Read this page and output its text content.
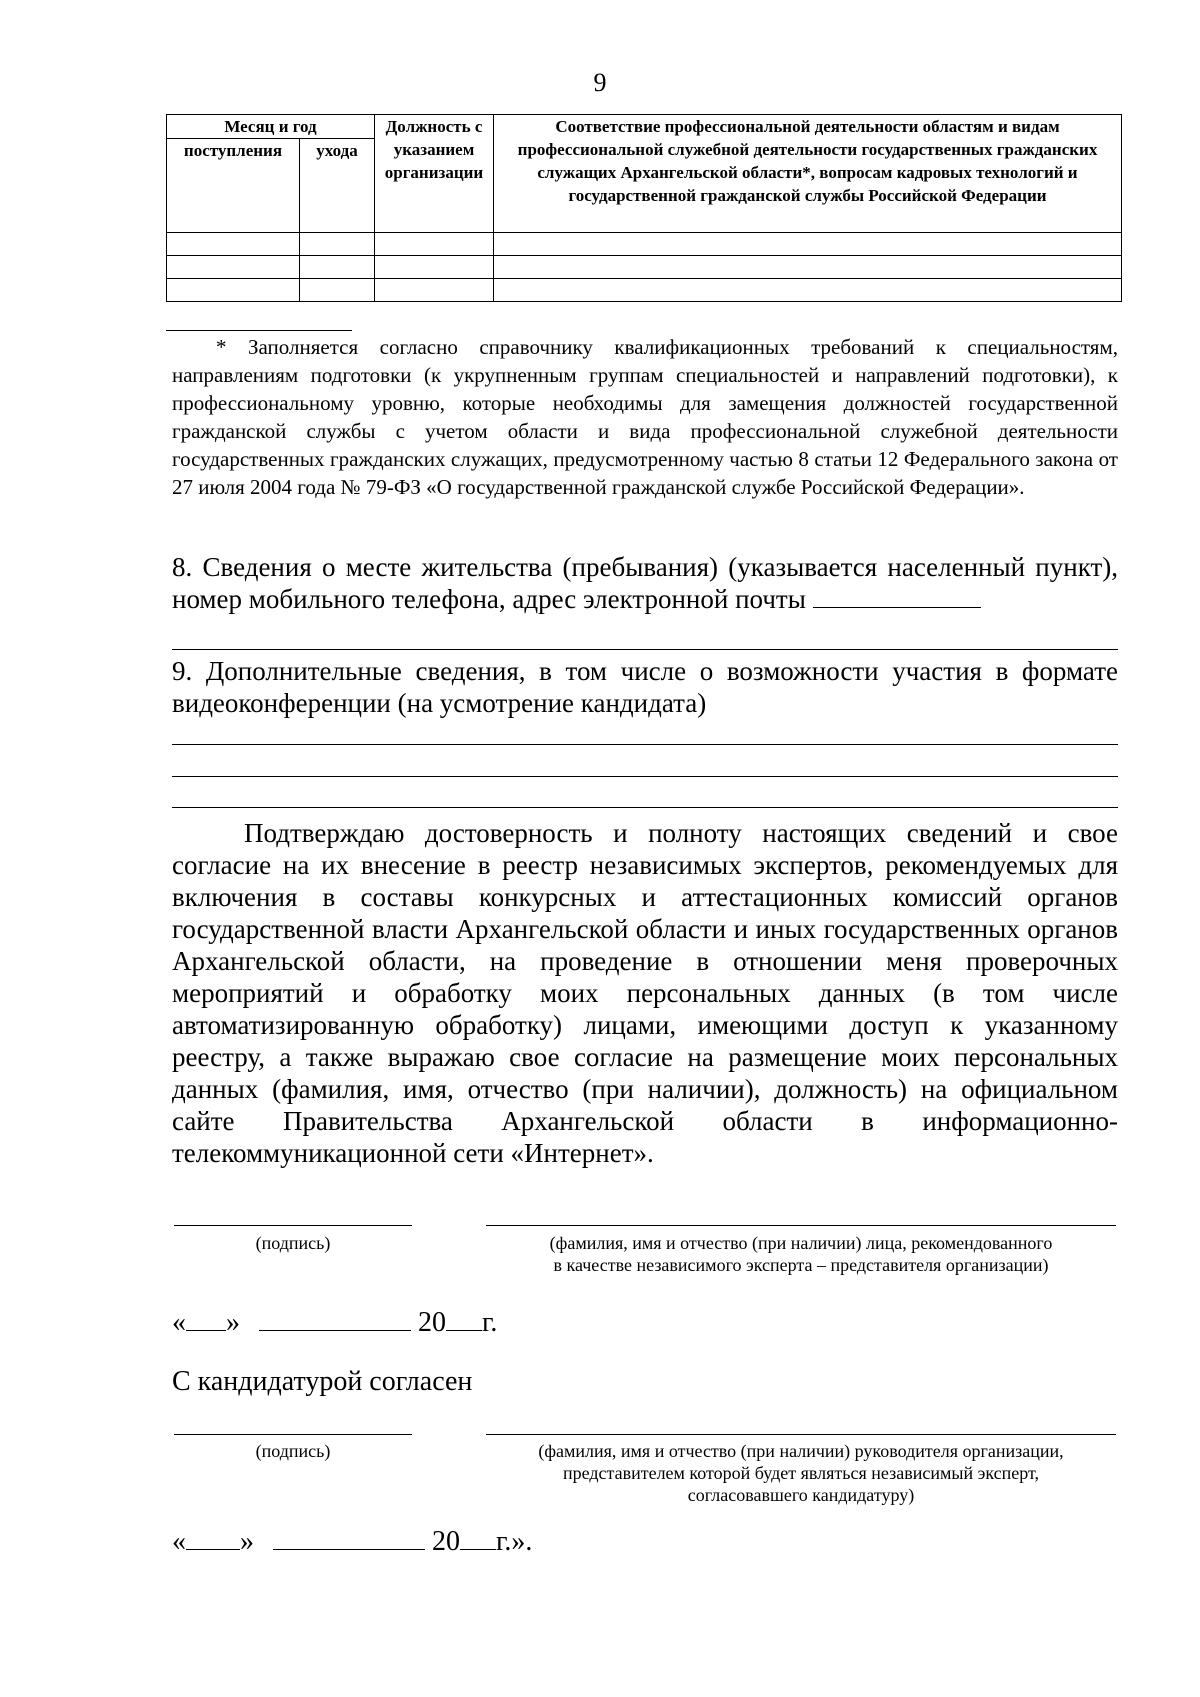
9
Месяц и год		Должность с указанием организации	Соответствие профессиональной деятельности областям и видам профессиональной служебной деятельности государственных гражданских служащих Архангельской области*, вопросам кадровых технологий и государственной гражданской службы Российской Федерации
поступления	ухода		

* Заполняется согласно справочнику квалификационных требований к специальностям, направлениям подготовки (к укрупненным группам специальностей и направлений подготовки), к профессиональному уровню, которые необходимы для замещения должностей государственной гражданской службы с учетом области и вида профессиональной служебной деятельности государственных гражданских служащих, предусмотренному частью 8 статьи 12 Федерального закона от 27 июля 2004 года № 79-ФЗ «О государственной гражданской службе Российской Федерации».

8. Сведения о месте жительства (пребывания) (указывается населенный пункт), номер мобильного телефона, адрес электронной почты

9. Дополнительные сведения, в том числе о возможности участия в формате видеоконференции (на усмотрение кандидата)

Подтверждаю достоверность и полноту настоящих сведений и свое согласие на их внесение в реестр независимых экспертов, рекомендуемых для включения в составы конкурсных и аттестационных комиссий органов государственной власти Архангельской области и иных государственных органов Архангельской области, на проведение в отношении меня проверочных мероприятий и обработку моих персональных данных (в том числе автоматизированную обработку) лицами, имеющими доступ к указанному реестру, а также выражаю свое согласие на размещение моих персональных данных (фамилия, имя, отчество (при наличии), должность) на официальном сайте Правительства Архангельской области в информационно-телекоммуникационной сети «Интернет».

(подпись)	(фамилия, имя и отчество (при наличии) лица, рекомендованного
в качестве независимого эксперта – представителя организации)
« »	20 г.
С кандидатурой согласен
(подпись)	(фамилия, имя и отчество (при наличии) руководителя организации,
представителем которой будет являться независимый эксперт,
согласовавшего кандидатуру)
« »	20 г.».
